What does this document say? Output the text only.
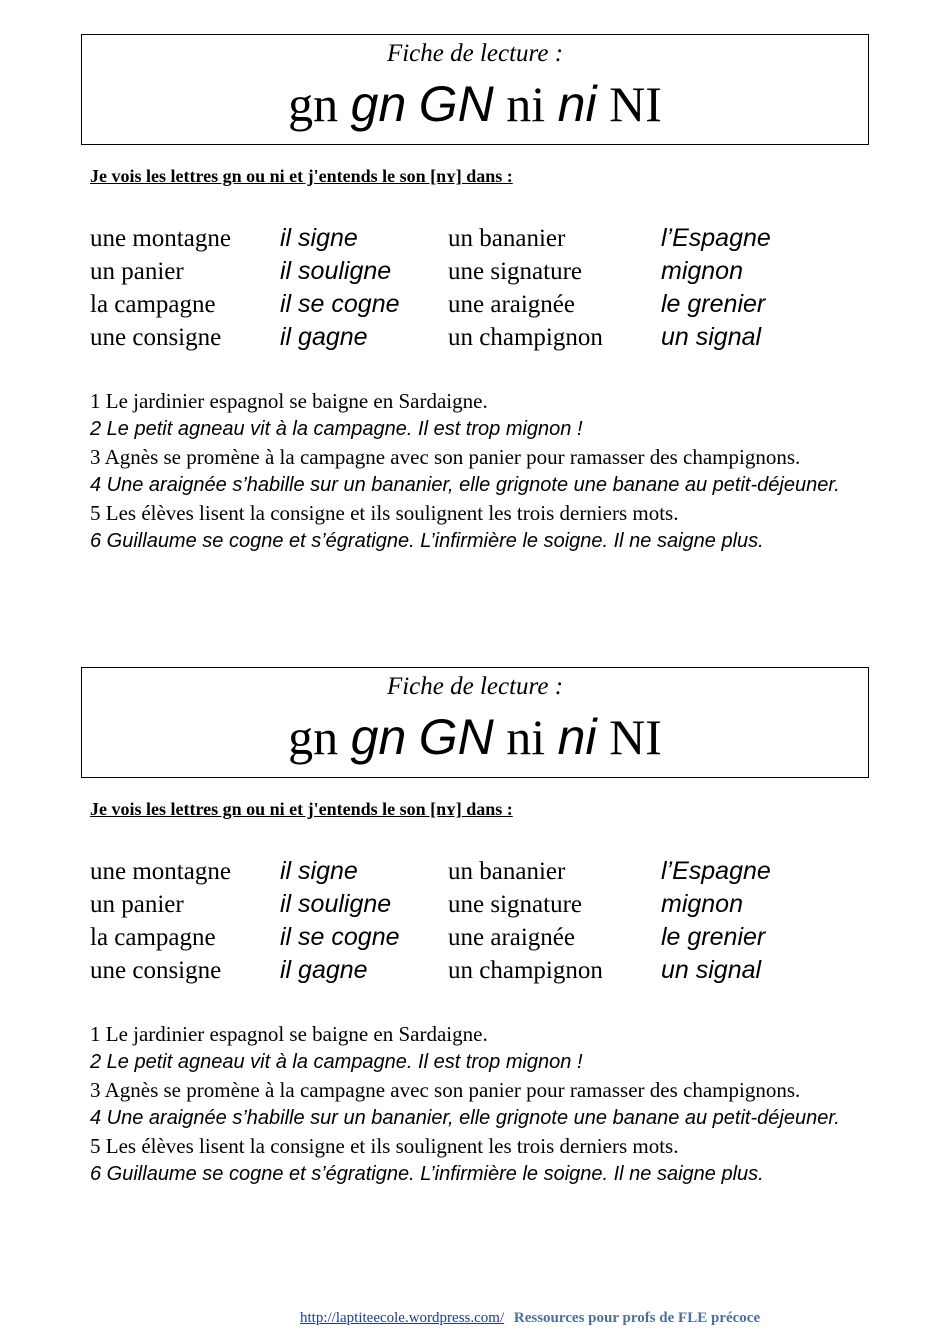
Fiche de lecture :
gn gn GN ni ni NI
Je vois les lettres gn ou ni et j'entends le son [nʏ] dans :
une montagne
un panier
la campagne
une consigne
il signe
il souligne
il se cogne
il gagne
un bananier
une signature
une araignée
un champignon
l’Espagne
mignon
le grenier
un signal
1 Le jardinier espagnol se baigne en Sardaigne.
2 Le petit agneau vit à la campagne. Il est trop mignon !
3 Agnès se promène à la campagne avec son panier pour ramasser des champignons.
4 Une araignée s’habille sur un bananier, elle grignote une banane au petit-déjeuner.
5 Les élèves lisent la consigne et ils soulignent les trois derniers mots.
6 Guillaume se cogne et s’égratigne. L’infirmière le soigne. Il ne saigne plus.
Fiche de lecture :
gn gn GN ni ni NI
Je vois les lettres gn ou ni et j'entends le son [nʏ] dans :
une montagne
un panier
la campagne
une consigne
il signe
il souligne
il se cogne
il gagne
un bananier
une signature
une araignée
un champignon
l’Espagne
mignon
le grenier
un signal
1 Le jardinier espagnol se baigne en Sardaigne.
2 Le petit agneau vit à la campagne. Il est trop mignon !
3 Agnès se promène à la campagne avec son panier pour ramasser des champignons.
4 Une araignée s’habille sur un bananier, elle grignote une banane au petit-déjeuner.
5 Les élèves lisent la consigne et ils soulignent les trois derniers mots.
6 Guillaume se cogne et s’égratigne. L’infirmière le soigne. Il ne saigne plus.
http://laptiteecole.wordpress.com/ Ressources pour profs de FLE précoce
